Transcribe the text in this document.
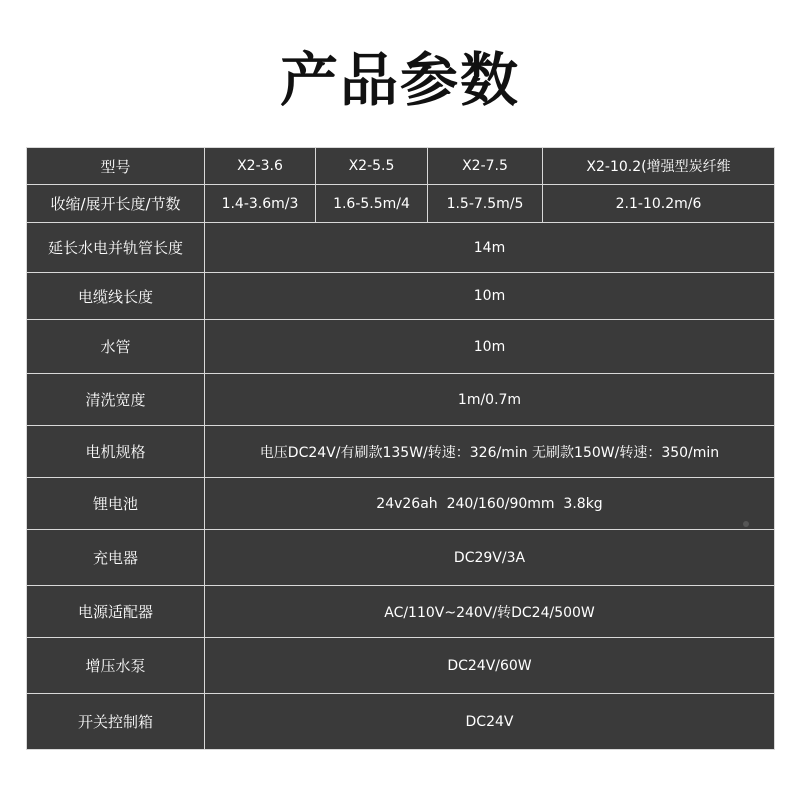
产品参数
型号	X2-3.6	X2-5.5	X2-7.5	X2-10.2(增强型炭纤维
收缩/展开长度/节数	1.4-3.6m/3	1.6-5.5m/4	1.5-7.5m/5	2.1-10.2m/6
延长水电并轨管长度	14m			
电缆线长度	10m			
水管	10m			
清洗宽度	1m/0.7m			
电机规格	电压DC24V/有刷款135W/转速：326/min 无刷款150W/转速：350/min			
锂电池	24v26ah  240/160/90mm  3.8kg			
充电器	DC29V/3A			
电源适配器	AC/110V~240V/转DC24/500W			
增压水泵	DC24V/60W			
开关控制箱	DC24V			
